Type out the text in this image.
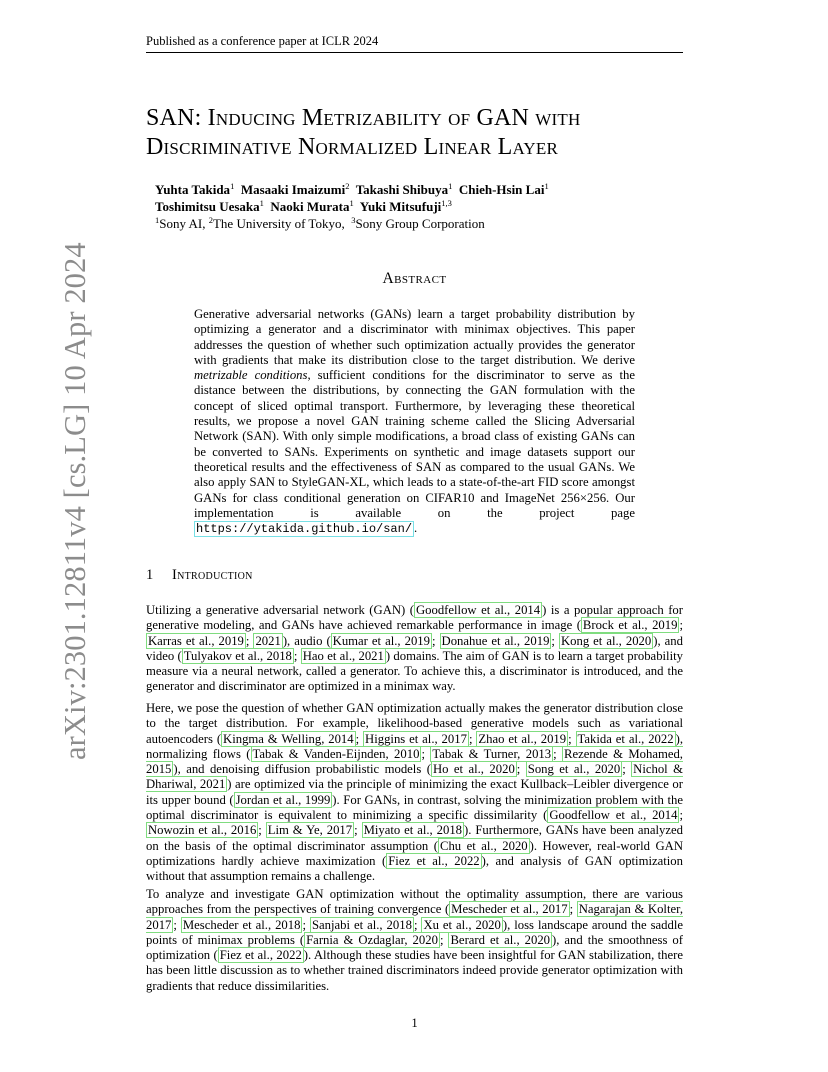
Published as a conference paper at ICLR 2024
arXiv:2301.12811v4 [cs.LG] 10 Apr 2024
SAN: Inducing Metrizability of GAN with
Discriminative Normalized Linear Layer
Yuhta Takida$^1$ Masaaki Imaizumi$^2$ Takashi Shibuya$^1$ Chieh-Hsin Lai$^1$
Toshimitsu Uesaka$^1$ Naoki Murata$^1$ Yuki Mitsufuji$^{1,3}$
$^1$Sony AI, $^2$The University of Tokyo,  $^3$Sony Group Corporation
Abstract
Generative adversarial networks (GANs) learn a target probability distribution by optimizing a generator and a discriminator with minimax objectives. This paper addresses the question of whether such optimization actually provides the generator with gradients that make its distribution close to the target distribution. We derive metrizable conditions, sufficient conditions for the discriminator to serve as the distance between the distributions, by connecting the GAN formulation with the concept of sliced optimal transport. Furthermore, by leveraging these theoretical results, we propose a novel GAN training scheme called the Slicing Adversarial Network (SAN). With only simple modifications, a broad class of existing GANs can be converted to SANs. Experiments on synthetic and image datasets support our theoretical results and the effectiveness of SAN as compared to the usual GANs. We also apply SAN to StyleGAN-XL, which leads to a state-of-the-art FID score amongst GANs for class conditional generation on CIFAR10 and ImageNet 256×256. Our implementation is available on the project page https://ytakida.github.io/san/ .
1 Introduction
Utilizing a generative adversarial network (GAN) ( Goodfellow et al., 2014 ) is a popular approach for generative modeling, and GANs have achieved remarkable performance in image ( Brock et al., 2019 ; Karras et al., 2019 ; 2021 ), audio ( Kumar et al., 2019 ; Donahue et al., 2019 ; Kong et al., 2020 ), and video ( Tulyakov et al., 2018 ; Hao et al., 2021 ) domains. The aim of GAN is to learn a target probability measure via a neural network, called a generator. To achieve this, a discriminator is introduced, and the generator and discriminator are optimized in a minimax way.
Here, we pose the question of whether GAN optimization actually makes the generator distribution close to the target distribution. For example, likelihood-based generative models such as variational autoencoders ( Kingma & Welling, 2014 ; Higgins et al., 2017 ; Zhao et al., 2019 ; Takida et al., 2022 ), normalizing flows ( Tabak & Vanden-Eijnden, 2010 ; Tabak & Turner, 2013 ; Rezende & Mohamed, 2015 ), and denoising diffusion probabilistic models ( Ho et al., 2020 ; Song et al., 2020 ; Nichol & Dhariwal, 2021 ) are optimized via the principle of minimizing the exact Kullback–Leibler divergence or its upper bound ( Jordan et al., 1999 ). For GANs, in contrast, solving the minimization problem with the optimal discriminator is equivalent to minimizing a specific dissimilarity ( Goodfellow et al., 2014 ; Nowozin et al., 2016 ; Lim & Ye, 2017 ; Miyato et al., 2018 ). Furthermore, GANs have been analyzed on the basis of the optimal discriminator assumption ( Chu et al., 2020 ). However, real-world GAN optimizations hardly achieve maximization ( Fiez et al., 2022 ), and analysis of GAN optimization without that assumption remains a challenge.
To analyze and investigate GAN optimization without the optimality assumption, there are various approaches from the perspectives of training convergence ( Mescheder et al., 2017 ; Nagarajan & Kolter, 2017 ; Mescheder et al., 2018 ; Sanjabi et al., 2018 ; Xu et al., 2020 ), loss landscape around the saddle points of minimax problems ( Farnia & Ozdaglar, 2020 ; Berard et al., 2020 ), and the smoothness of optimization ( Fiez et al., 2022 ). Although these studies have been insightful for GAN stabilization, there has been little discussion as to whether trained discriminators indeed provide generator optimization with gradients that reduce dissimilarities.
1
